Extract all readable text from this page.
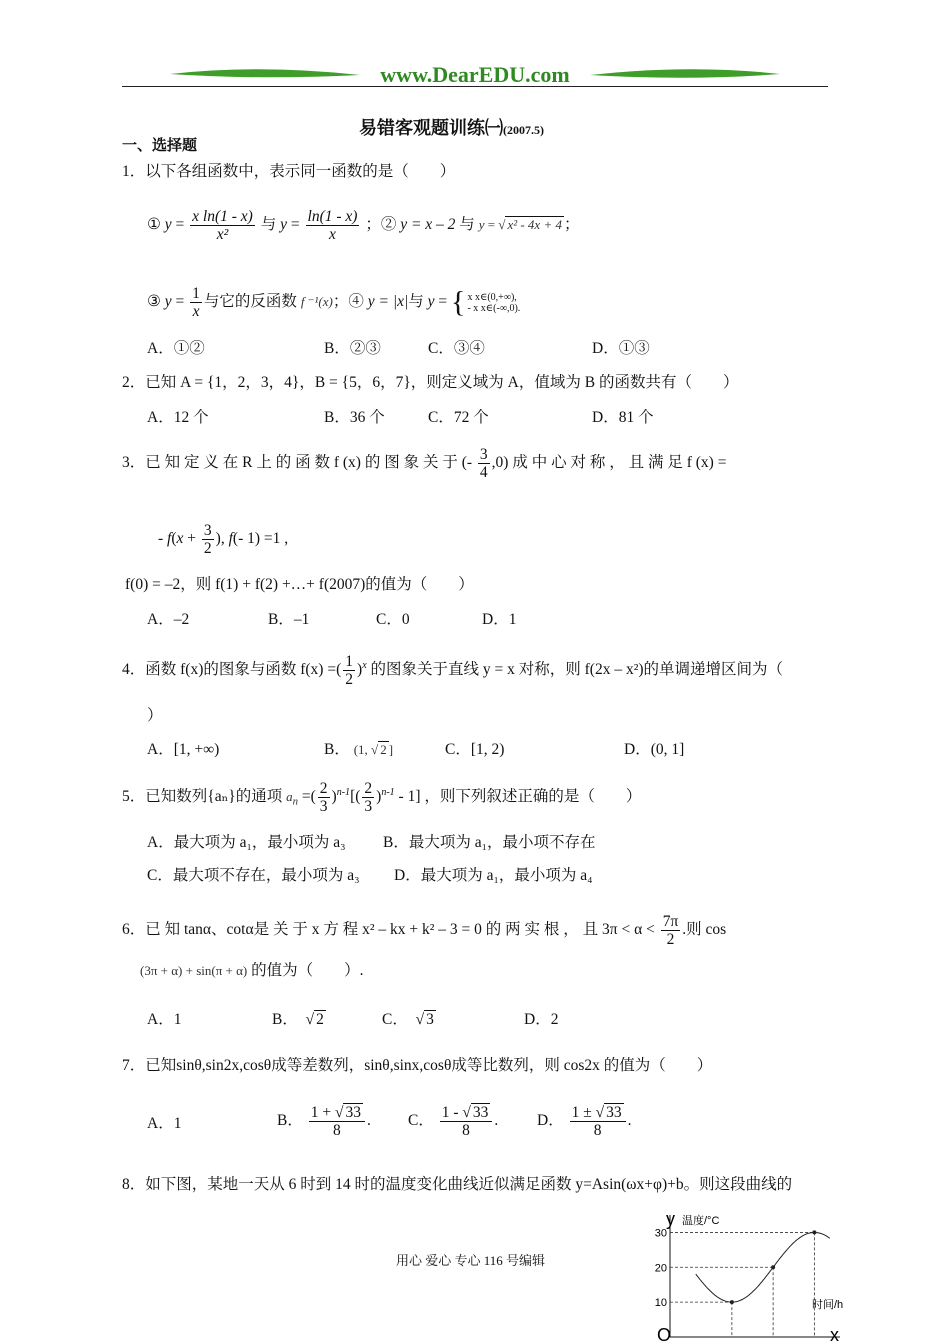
www.DearEDU.com
易错客观题训练㈠(2007.5)
一、选择题
1．以下各组函数中，表示同一函数的是（　　）
① $y = \frac{\text{x ln(1 - x)}}{\text{x²}}$ 与 $y = \frac{\ln(1 - x)}{x}$ ；② y = x – 2 与 y = √ x² - 4x + 4 ；
③ $y = \frac{1}{x}$ 与它的反函数 f ⁻¹(x)；④ y = |x|与 y = { x x∈(0,+∞),
- x x∈(-∞,0).
A．①②	B．②③	C．③④	D．①③
2．已知 A = {1，2，3，4}，B = {5，6，7}，则定义域为 A，值域为 B 的函数共有（　　）
A．12 个	B．36 个	C．72 个	D．81 个
3．已 知 定 义 在 R 上 的 函 数 f (x) 的 图 象 关 于 (- $\frac{3}{4} ,0$) 成 中 心 对 称 ， 且 满 足 f (x) =
- $f(x + \frac{3}{2}$ ), f(- 1) =1 ,
f(0) = –2，则 f(1) + f(2) +…+ f(2007)的值为（　　）
A．–2	B．–1	C．0	D．1
4．函数 f(x)的图象与函数 f(x) =( $\frac{1}{2} )^x$ 的图象关于直线 y = x 对称，则 f(2x – x²)的单调递增区间为（
）
A．[1, +∞)	B． (1, √ 2 ]	C．[1, 2)	D．(0, 1]
5．已知数列{aₙ}的通项 $a_n$ =( $\frac{2}{3} )^{n-1}[( \frac{2}{3} )^{n-1} - 1]$ ，则下列叙述正确的是（　　）
A．最大项为 a₁，最小项为 a₃ B．最大项为 a₁，最小项不存在
C．最大项不存在，最小项为 a₃ D．最大项为 a₁，最小项为 a₄
6．已 知 tanα、cotα是 关 于 x 方 程 x² – kx + k² – 3 = 0 的 两 实 根 ， 且 $3\pi < \alpha < \frac{7\pi}{2}$ .则 cos
(3π + α) + sin(π + α) 的值为（　　）.
A．1	B．　√ 2	C．　√ 3	D．2
7．已知sinθ,sin2x,cosθ成等差数列，sinθ,sinx,cosθ成等比数列，则 cos2x 的值为（　　）
A．1	B． $\frac{1 + √ 33}{8}$ . C． $\frac{1 - √ 33}{8}$ . D． $\frac{1 \pm √ 33}{8}$ .
8．如下图，某地一天从 6 时到 14 时的温度变化曲线近似满足函数 y=Asin(ωx+φ)+b。则这段曲线的
用心 爱心 专心 116 号编辑
10
20
30
y 温度/°C
时间/h
x
O
